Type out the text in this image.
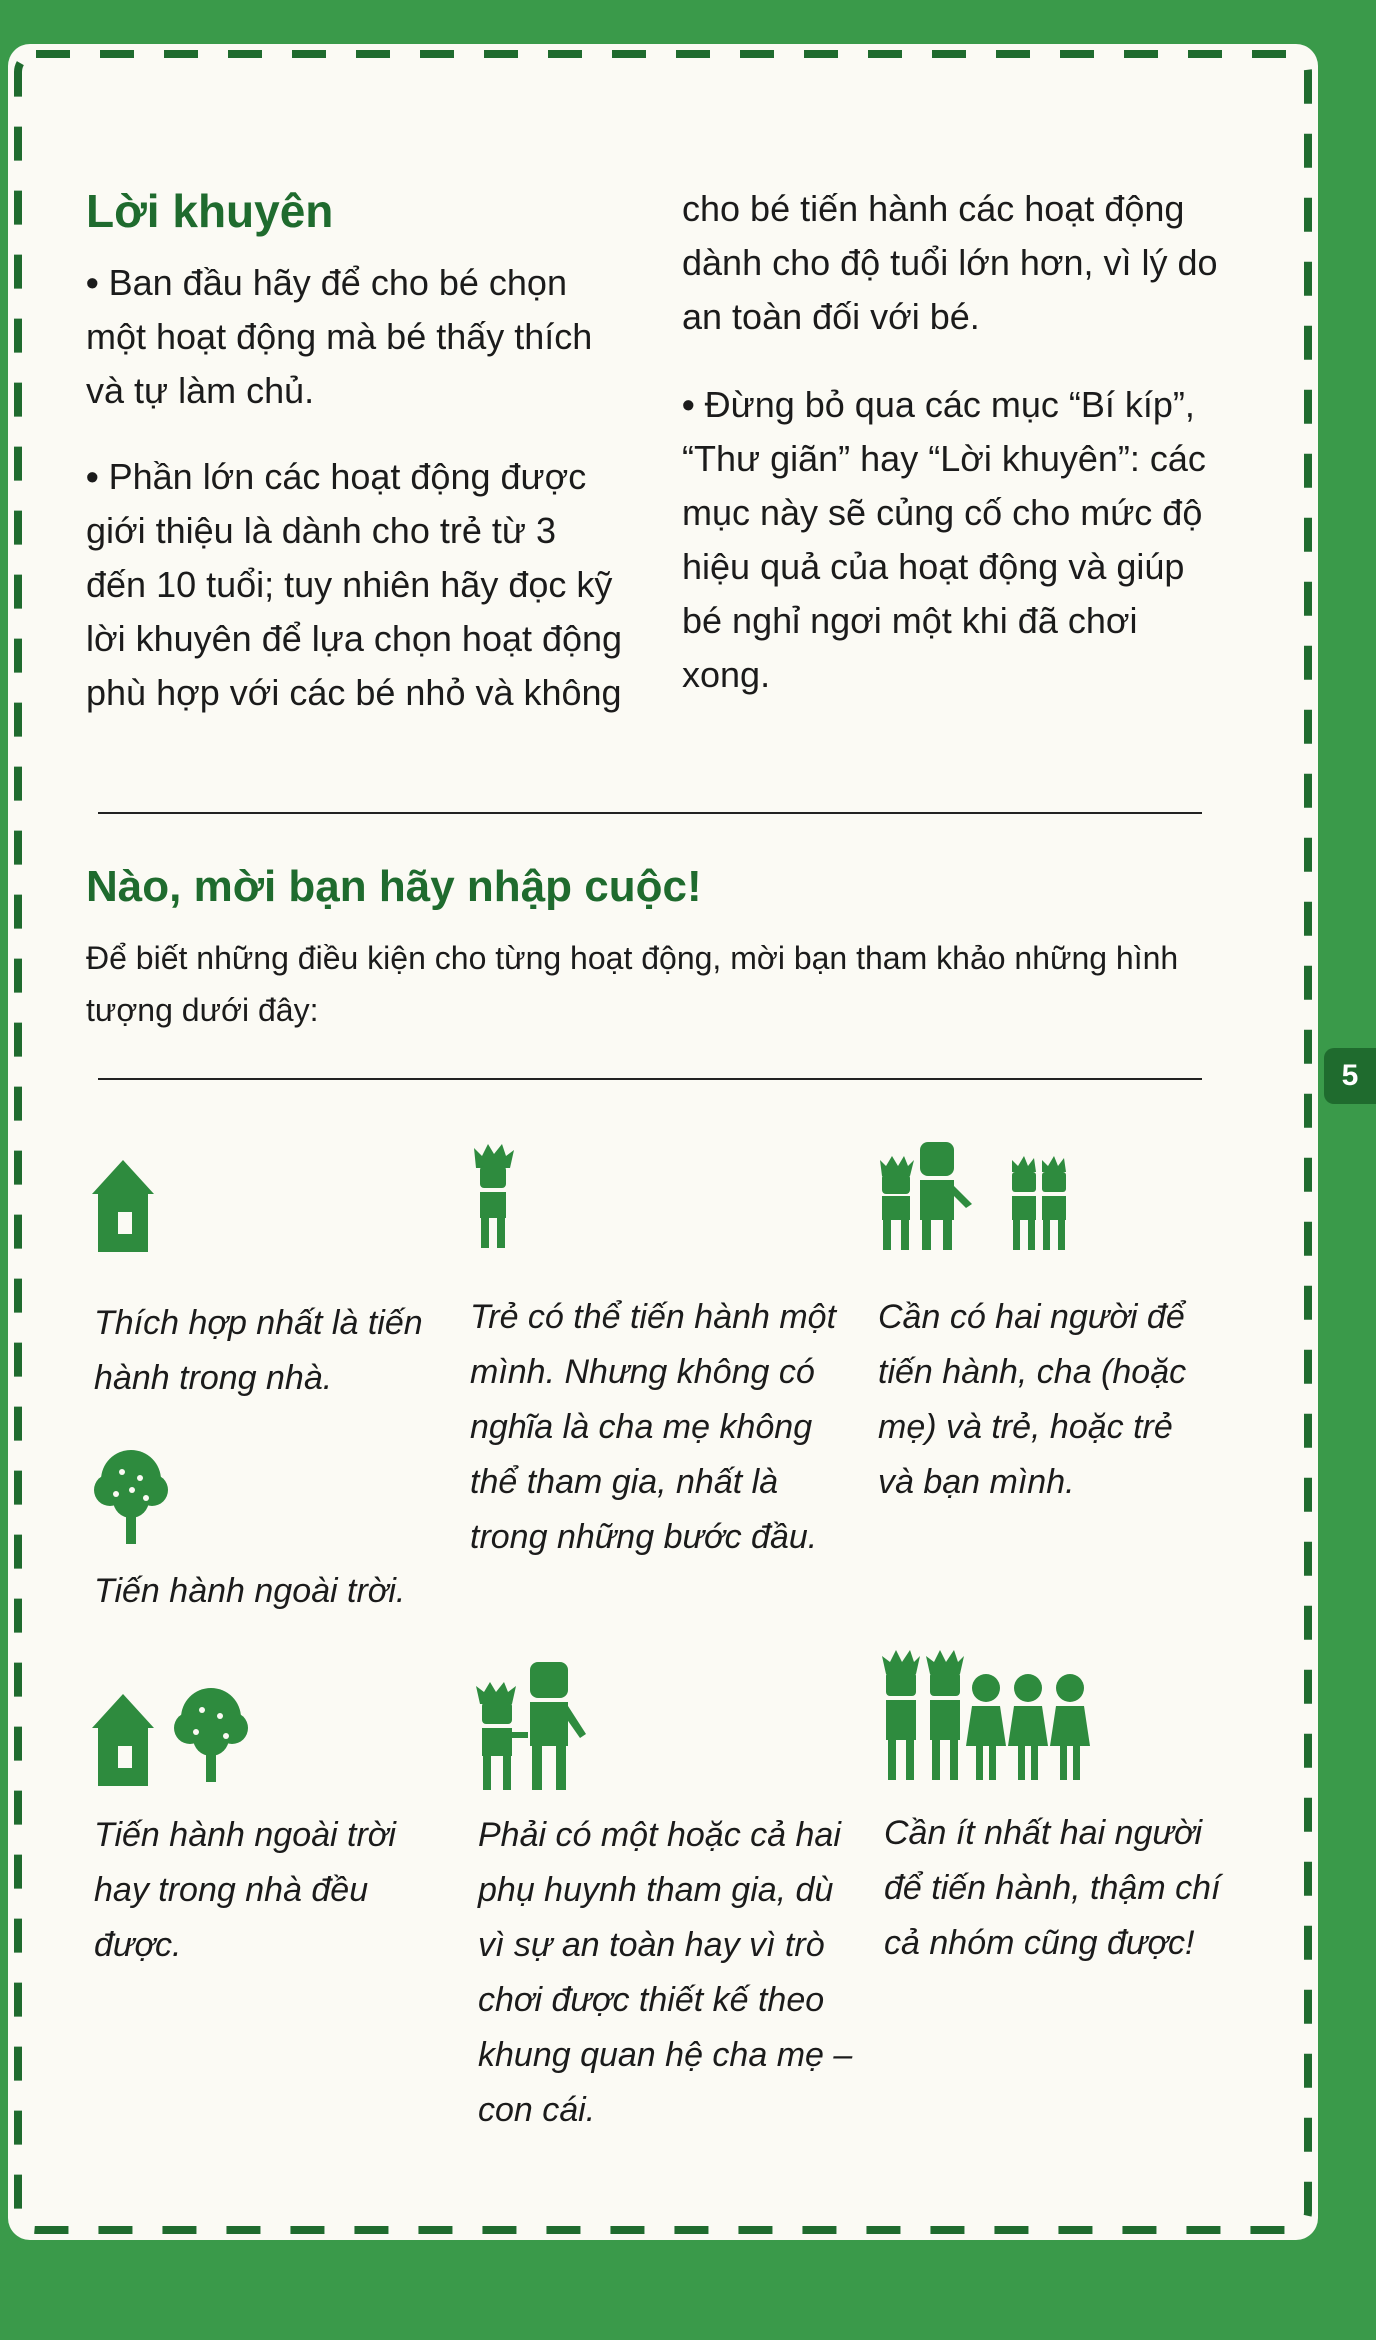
Lời khuyên

• Ban đầu hãy để cho bé chọn một hoạt động mà bé thấy thích và tự làm chủ.

• Phần lớn các hoạt động được giới thiệu là dành cho trẻ từ 3 đến 10 tuổi; tuy nhiên hãy đọc kỹ lời khuyên để lựa chọn hoạt động phù hợp với các bé nhỏ và không

cho bé tiến hành các hoạt động dành cho độ tuổi lớn hơn, vì lý do an toàn đối với bé.

• Đừng bỏ qua các mục “Bí kíp”, “Thư giãn” hay “Lời khuyên”: các mục này sẽ củng cố cho mức độ hiệu quả của hoạt động và giúp bé nghỉ ngơi một khi đã chơi xong.

Nào, mời bạn hãy nhập cuộc!

Để biết những điều kiện cho từng hoạt động, mời bạn tham khảo những hình tượng dưới đây:

Thích hợp nhất là tiến hành trong nhà.

Tiến hành ngoài trời.

Tiến hành ngoài trời hay trong nhà đều được.

Trẻ có thể tiến hành một mình. Nhưng không có nghĩa là cha mẹ không thể tham gia, nhất là trong những bước đầu.

Phải có một hoặc cả hai phụ huynh tham gia, dù vì sự an toàn hay vì trò chơi được thiết kế theo khung quan hệ cha mẹ – con cái.

Cần có hai người để tiến hành, cha (hoặc mẹ) và trẻ, hoặc trẻ và bạn mình.

Cần ít nhất hai người để tiến hành, thậm chí cả nhóm cũng được!

5
